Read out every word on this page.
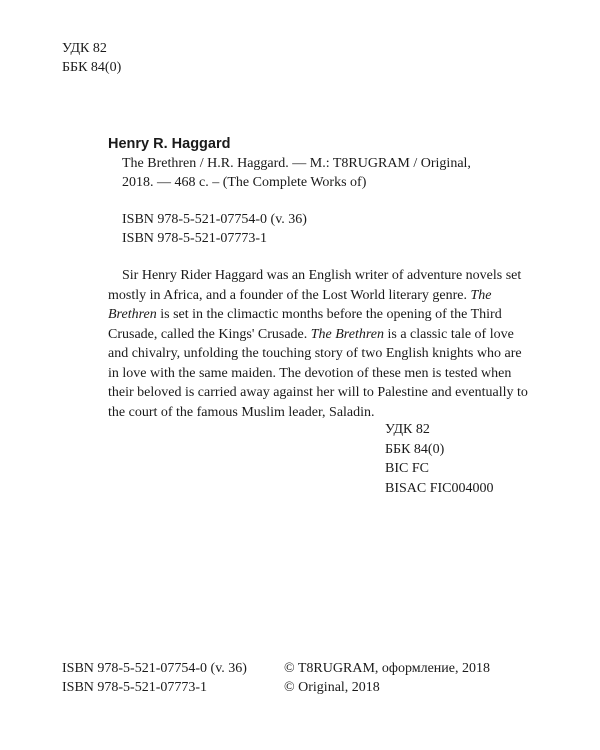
УДК 82
ББК 84(0)

Henry R. Haggard

The Brethren / H.R. Haggard. — M.: T8RUGRAM / Original,
2018. — 468 c. – (The Complete Works of)

ISBN 978-5-521-07754-0 (v. 36)
ISBN 978-5-521-07773-1

Sir Henry Rider Haggard was an English writer of adventure novels set mostly in Africa, and a founder of the Lost World literary genre. The Brethren is set in the climactic months before the opening of the Third Crusade, called the Kings' Crusade. The Brethren is a classic tale of love and chivalry, unfolding the touching story of two English knights who are in love with the same maiden. The devotion of these men is tested when their beloved is carried away against her will to Palestine and eventually to the court of the famous Muslim leader, Saladin.

УДК 82
ББК 84(0)
BIC FC
BISAC FIC004000
ISBN 978-5-521-07754-0 (v. 36)	© T8RUGRAM, оформление, 2018
ISBN 978-5-521-07773-1	© Original, 2018
